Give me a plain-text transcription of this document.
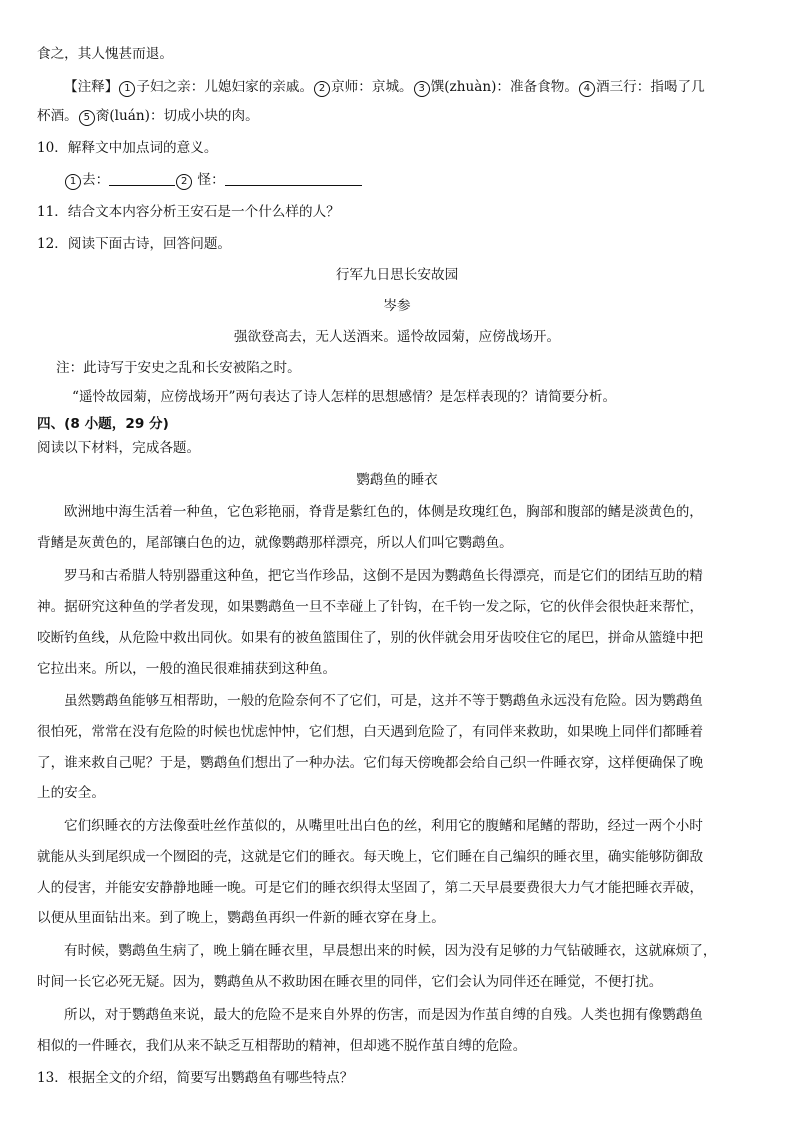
食之，其人愧甚而退。
【注释】 1 子妇之亲：儿媳妇家的亲戚。 2 京师：京城。 3 馔(zhuàn)：准备食物。 4 酒三行：指喝了几
杯酒。 5 脔(luán)：切成小块的肉。
10．解释文中加点词的意义。
1 去：	2 怪：
11．结合文本内容分析王安石是一个什么样的人？
12．阅读下面古诗，回答问题。
行军九日思长安故园
岑参
强欲登高去，无人送酒来。遥怜故园菊，应傍战场开。
注：此诗写于安史之乱和长安被陷之时。
“遥怜故园菊，应傍战场开”两句表达了诗人怎样的思想感情？是怎样表现的？请简要分析。
四、(8 小题，29 分)
阅读以下材料，完成各题。
鹦鹉鱼的睡衣
欧洲地中海生活着一种鱼，它色彩艳丽，脊背是紫红色的，体侧是玫瑰红色，胸部和腹部的鳍是淡黄色的，
背鳍是灰黄色的，尾部镶白色的边，就像鹦鹉那样漂亮，所以人们叫它鹦鹉鱼。
罗马和古希腊人特别器重这种鱼，把它当作珍品，这倒不是因为鹦鹉鱼长得漂亮，而是它们的团结互助的精
神。据研究这种鱼的学者发现，如果鹦鹉鱼一旦不幸碰上了针钩，在千钧一发之际，它的伙伴会很快赶来帮忙，
咬断钓鱼线，从危险中救出同伙。如果有的被鱼篮围住了，别的伙伴就会用牙齿咬住它的尾巴，拼命从篮缝中把
它拉出来。所以，一般的渔民很难捕获到这种鱼。
虽然鹦鹉鱼能够互相帮助，一般的危险奈何不了它们，可是，这并不等于鹦鹉鱼永远没有危险。因为鹦鹉鱼
很怕死，常常在没有危险的时候也忧虑忡忡，它们想，白天遇到危险了，有同伴来救助，如果晚上同伴们都睡着
了，谁来救自己呢？于是，鹦鹉鱼们想出了一种办法。它们每天傍晚都会给自己织一件睡衣穿，这样便确保了晚
上的安全。
它们织睡衣的方法像蚕吐丝作茧似的，从嘴里吐出白色的丝，利用它的腹鳍和尾鳍的帮助，经过一两个小时
就能从头到尾织成一个囫囵的壳，这就是它们的睡衣。每天晚上，它们睡在自己编织的睡衣里，确实能够防御敌
人的侵害，并能安安静静地睡一晚。可是它们的睡衣织得太坚固了，第二天早晨要费很大力气才能把睡衣弄破，
以便从里面钻出来。到了晚上，鹦鹉鱼再织一件新的睡衣穿在身上。
有时候，鹦鹉鱼生病了，晚上躺在睡衣里，早晨想出来的时候，因为没有足够的力气钻破睡衣，这就麻烦了，
时间一长它必死无疑。因为，鹦鹉鱼从不救助困在睡衣里的同伴，它们会认为同伴还在睡觉，不便打扰。
所以，对于鹦鹉鱼来说，最大的危险不是来自外界的伤害，而是因为作茧自缚的自残。人类也拥有像鹦鹉鱼
相似的一件睡衣，我们从来不缺乏互相帮助的精神，但却逃不脱作茧自缚的危险。
13．根据全文的介绍，简要写出鹦鹉鱼有哪些特点？
